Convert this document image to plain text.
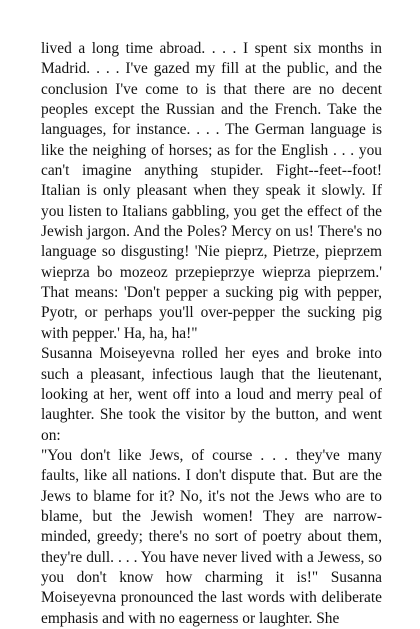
lived a long time abroad. . . . I spent six months in Madrid. . . . I've gazed my fill at the public, and the conclusion I've come to is that there are no decent peoples except the Russian and the French. Take the languages, for instance. . . . The German language is like the neighing of horses; as for the English . . . you can't imagine anything stupider. Fight--feet--foot! Italian is only pleasant when they speak it slowly. If you listen to Italians gabbling, you get the effect of the Jewish jargon. And the Poles? Mercy on us! There's no language so disgusting! 'Nie pieprz, Pietrze, pieprzem wieprza bo mozeoz przepieprzye wieprza pieprzem.' That means: 'Don't pepper a sucking pig with pepper, Pyotr, or perhaps you'll over-pepper the sucking pig with pepper.' Ha, ha, ha!"

Susanna Moiseyevna rolled her eyes and broke into such a pleasant, infectious laugh that the lieutenant, looking at her, went off into a loud and merry peal of laughter. She took the visitor by the button, and went on:

"You don't like Jews, of course . . . they've many faults, like all nations. I don't dispute that. But are the Jews to blame for it? No, it's not the Jews who are to blame, but the Jewish women! They are narrow-minded, greedy; there's no sort of poetry about them, they're dull. . . . You have never lived with a Jewess, so you don't know how charming it is!" Susanna Moiseyevna pronounced the last words with deliberate emphasis and with no eagerness or laughter. She
